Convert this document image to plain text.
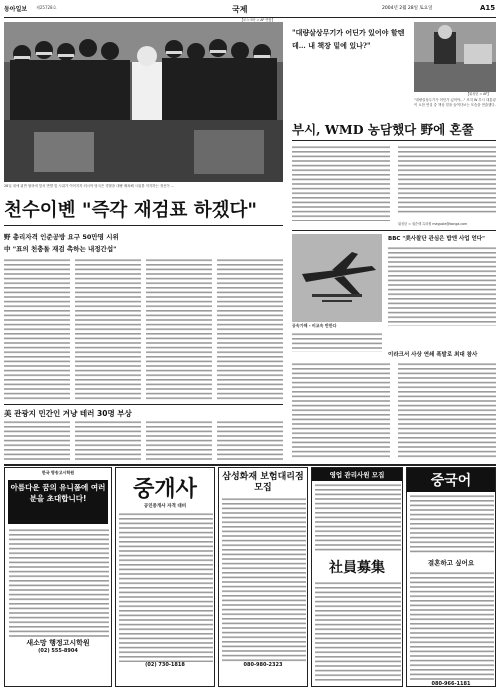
동아일보 제25728호	국제	2004년 2월 28일 토요일	A15
【모스크바 = AP 연합】
28일 내에 위반 혐의에 맞서 반발 및 시위가 이어지자 러시아 당국은 경찰을 대량 배치해 시위를 저지하는 정신이 ...
천수이볜 "즉각 재검표 하겠다"
野 총리자격 인준공방 요구 50만명 시위
中 "표의 천충돌 재검 촉하는 내정간섭"
美 관광지 민간인 겨냥 테러 30명 부상
"대량살상무기가 어딘가 있어야 할텐데… 내 책장 밑에 있나?"
【워싱턴 = AP】
"대량살상무기가 어딘가 있어야…" 조지 W 부시 대통령이 오찬 연설 중 책상 밑을 들여다보는 모습을 연출했다.
부시, WMD 농담했다 野에 혼쭐
워싱턴 = 권순택 특파원 maypole@donga.com
공속가해 - 비교속 반한다
BBC "美사찰단 관심은 밥엔 사업 얻다"
이라크서 사상 연쇄 폭발로 최대 참사
한국 방송고시학원
아름다운 꿈의 유니폼에 여러분을 초대합니다!
새소망 행정고시학원
(02) 555-8904
중개사
공인중개사 자격 대비
(02) 730-1818
삼성화재 보험대리점 모집
080-980-2323
영업 관리사원 모집
社員募集
중국어
결혼하고 싶어요
080-966-1181
